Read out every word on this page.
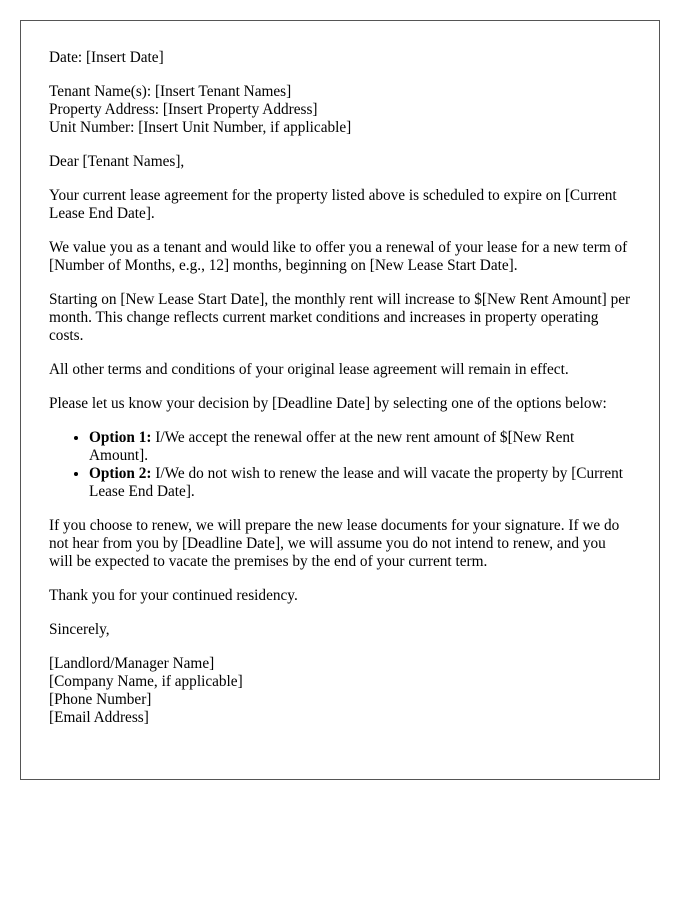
Date: [Insert Date]

Tenant Name(s): [Insert Tenant Names]
Property Address: [Insert Property Address]
Unit Number: [Insert Unit Number, if applicable]

Dear [Tenant Names],

Your current lease agreement for the property listed above is scheduled to expire on [Current Lease End Date].

We value you as a tenant and would like to offer you a renewal of your lease for a new term of [Number of Months, e.g., 12] months, beginning on [New Lease Start Date].

Starting on [New Lease Start Date], the monthly rent will increase to $[New Rent Amount] per month. This change reflects current market conditions and increases in property operating costs.

All other terms and conditions of your original lease agreement will remain in effect.

Please let us know your decision by [Deadline Date] by selecting one of the options below:

• Option 1: I/We accept the renewal offer at the new rent amount of $[New Rent Amount].
• Option 2: I/We do not wish to renew the lease and will vacate the property by [Current Lease End Date].

If you choose to renew, we will prepare the new lease documents for your signature. If we do not hear from you by [Deadline Date], we will assume you do not intend to renew, and you will be expected to vacate the premises by the end of your current term.

Thank you for your continued residency.

Sincerely,

[Landlord/Manager Name]
[Company Name, if applicable]
[Phone Number]
[Email Address]
